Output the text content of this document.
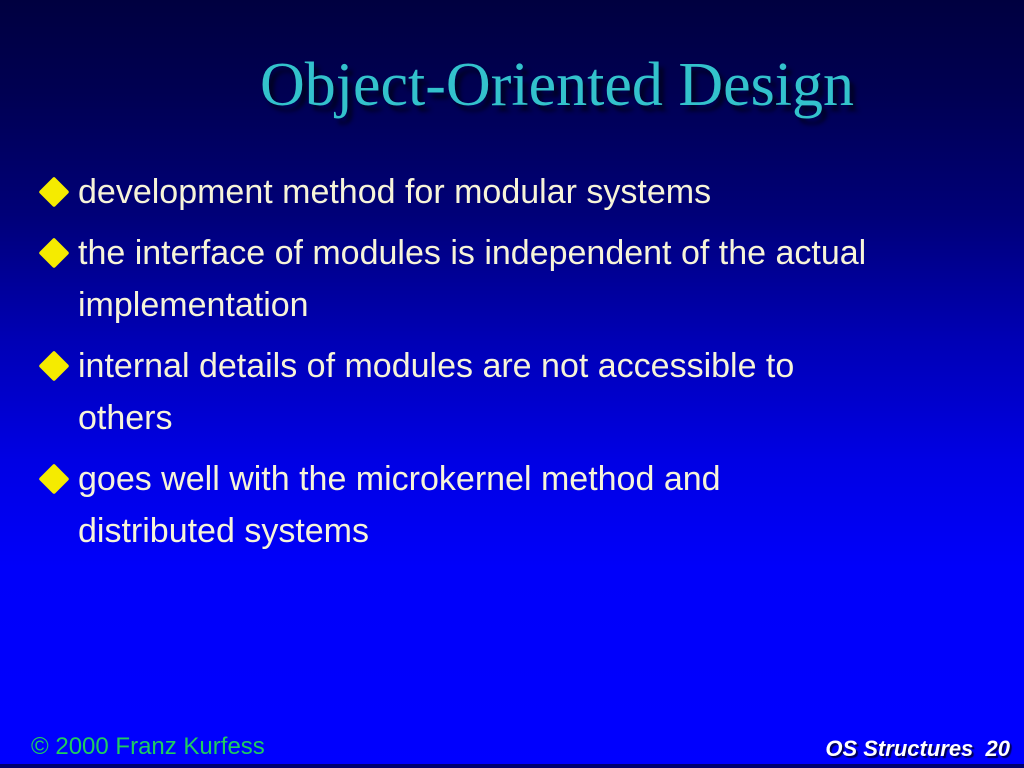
Object-Oriented Design
development method for modular systems
the interface of modules is independent of the actual
implementation
internal details of modules are not accessible to
others
goes well with the microkernel method and
distributed systems
© 2000 Franz Kurfess	OS Structures  20
